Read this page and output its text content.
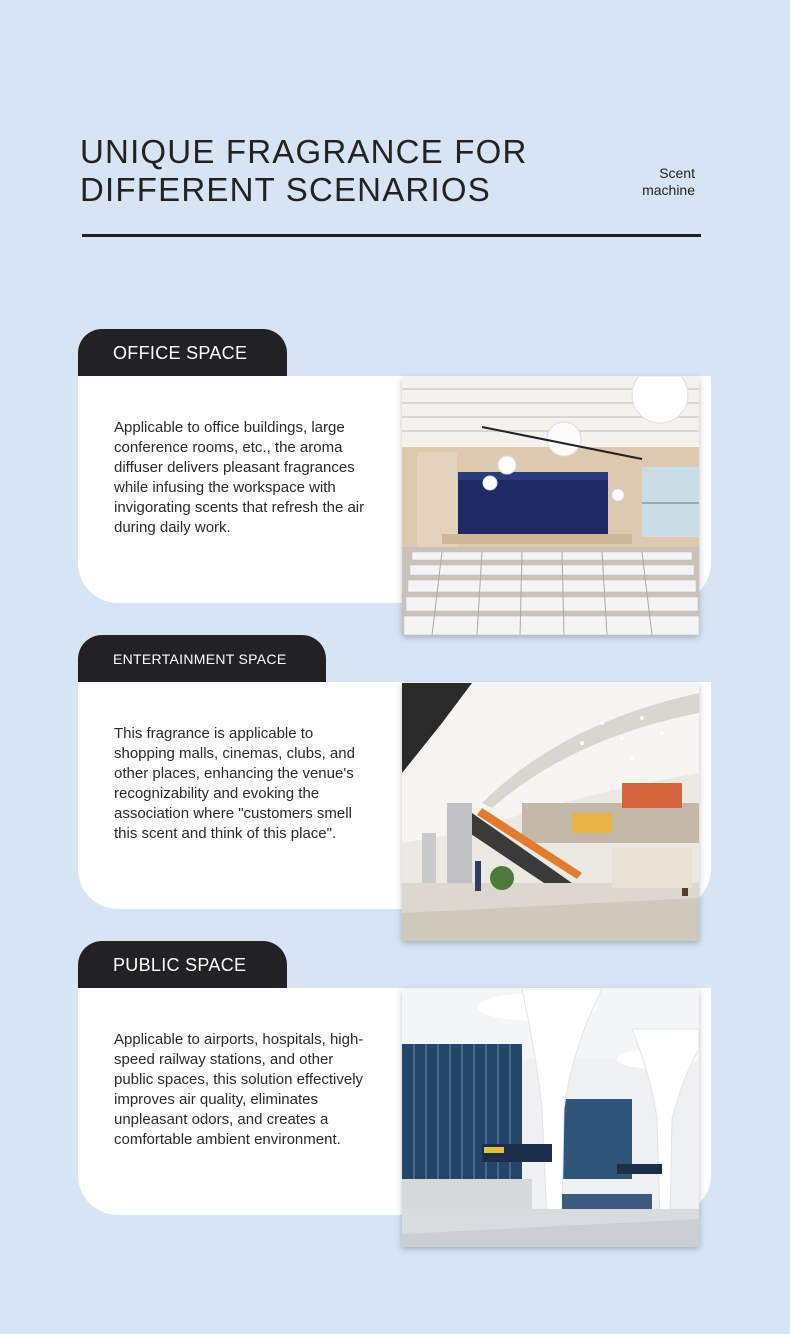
UNIQUE FRAGRANCE FOR
DIFFERENT SCENARIOS	Scent
machine

OFFICE SPACE

Applicable to office buildings, large conference rooms, etc., the aroma diffuser delivers pleasant fragrances while infusing the workspace with invigorating scents that refresh the air during daily work.

ENTERTAINMENT SPACE

This fragrance is applicable to shopping malls, cinemas, clubs, and other places, enhancing the venue's recognizability and evoking the association where "customers smell this scent and think of this place".

PUBLIC SPACE

Applicable to airports, hospitals, high-speed railway stations, and other public spaces, this solution effectively improves air quality, eliminates unpleasant odors, and creates a comfortable ambient environment.
